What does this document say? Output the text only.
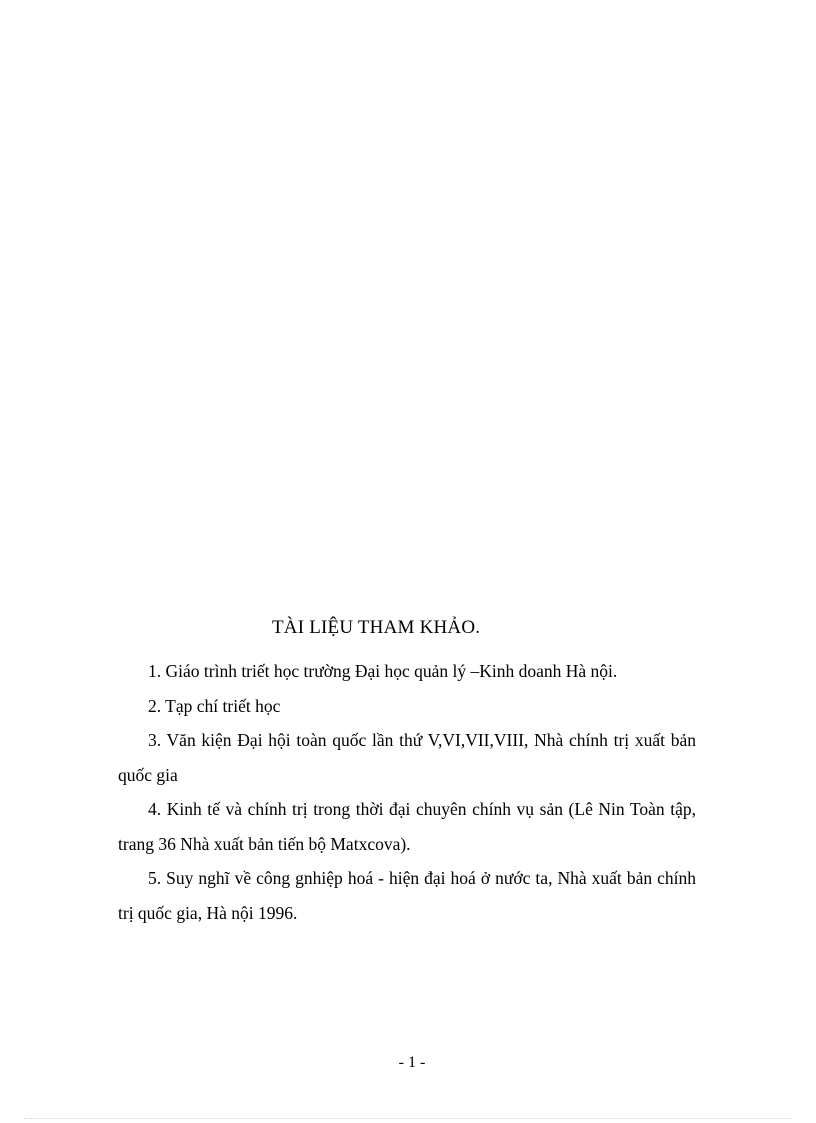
TÀI LIỆU THAM KHẢO.

1. Giáo trình triết học trường Đại học quản lý –Kinh doanh Hà nội.

2. Tạp chí triết học

3. Văn kiện Đại hội toàn quốc lần thứ V,VI,VII,VIII, Nhà chính trị xuất bản quốc gia

4. Kinh tế và chính trị trong thời đại chuyên chính vụ sản (Lê Nin Toàn tập, trang 36 Nhà xuất bản tiến bộ Matxcova).

5. Suy nghĩ về công gnhiệp hoá - hiện đại hoá ở nước ta, Nhà xuất bản chính trị quốc gia, Hà nội 1996.

- 1 -
